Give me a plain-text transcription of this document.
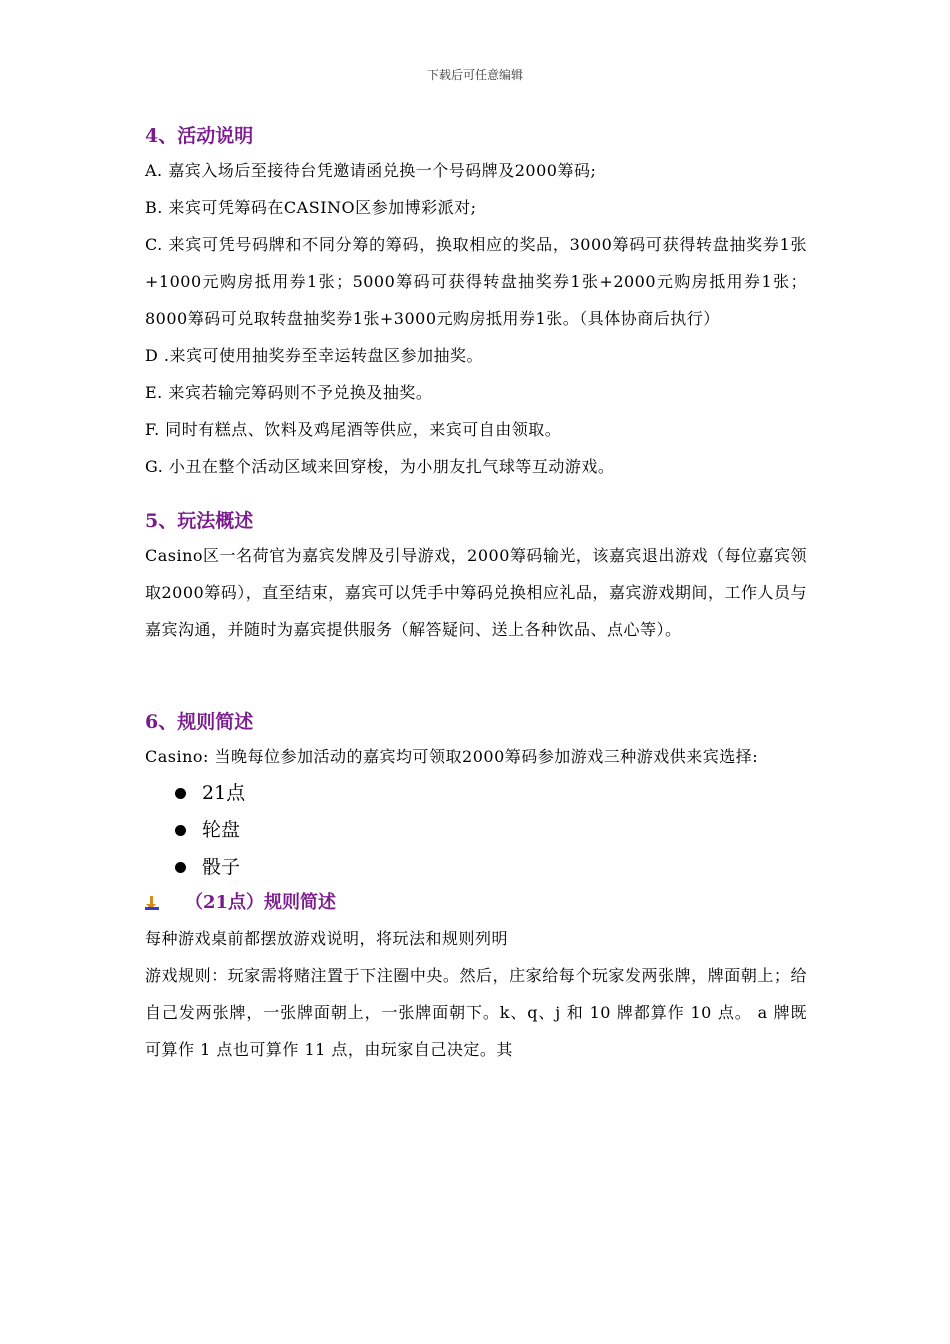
下载后可任意编辑
4、活动说明
A. 嘉宾入场后至接待台凭邀请函兑换一个号码牌及2000筹码;
B. 来宾可凭筹码在CASINO区参加博彩派对;
C. 来宾可凭号码牌和不同分筹的筹码，换取相应的奖品，3000筹码可获得转盘抽奖券1张+1000元购房抵用券1张；5000筹码可获得转盘抽奖券1张+2000元购房抵用券1张；8000筹码可兑取转盘抽奖券1张+3000元购房抵用券1张。（具体协商后执行）
D .来宾可使用抽奖券至幸运转盘区参加抽奖。
E. 来宾若输完筹码则不予兑换及抽奖。
F. 同时有糕点、饮料及鸡尾酒等供应，来宾可自由领取。
G. 小丑在整个活动区域来回穿梭，为小朋友扎气球等互动游戏。
5、玩法概述
Casino区一名荷官为嘉宾发牌及引导游戏，2000筹码输光，该嘉宾退出游戏（每位嘉宾领取2000筹码），直至结束，嘉宾可以凭手中筹码兑换相应礼品，嘉宾游戏期间，工作人员与嘉宾沟通，并随时为嘉宾提供服务（解答疑问、送上各种饮品、点心等）。
6、规则简述
Casino: 当晚每位参加活动的嘉宾均可领取2000筹码参加游戏三种游戏供来宾选择:
21点
轮盘
骰子
（21点）规则简述
每种游戏桌前都摆放游戏说明，将玩法和规则列明
游戏规则：玩家需将赌注置于下注圈中央。然后，庄家给每个玩家发两张牌，牌面朝上；给自己发两张牌，一张牌面朝上，一张牌面朝下。k、q、j 和 10 牌都算作 10 点。 a 牌既可算作 1 点也可算作 11 点，由玩家自己决定。其
